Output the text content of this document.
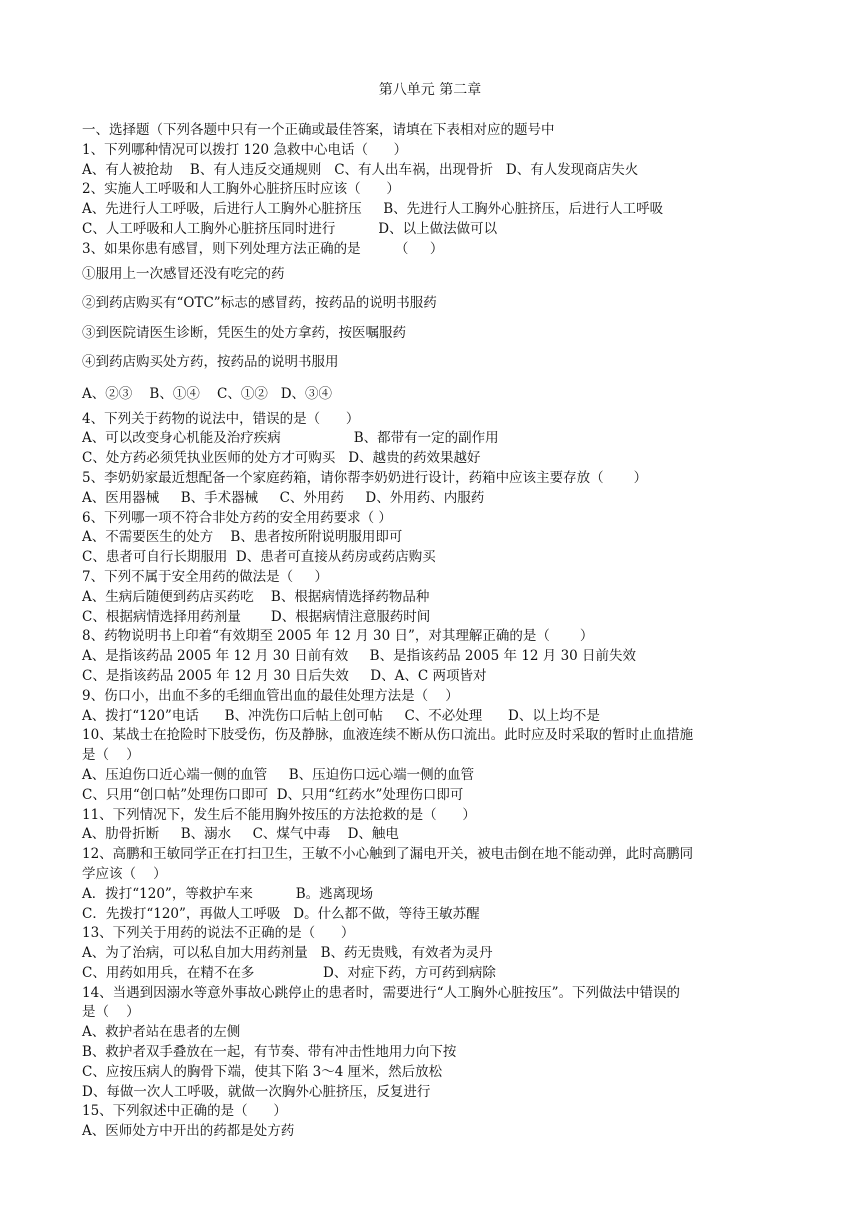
第八单元 第二章
一、选择题（下列各题中只有一个正确或最佳答案，请填在下表相对应的题号中
1、下列哪种情况可以拨打 120 急救中心电话（      ）
A、有人被抢劫    B、有人违反交通规则   C、有人出车祸，出现骨折   D、有人发现商店失火
2、实施人工呼吸和人工胸外心脏挤压时应该（      ）
A、先进行人工呼吸，后进行人工胸外心脏挤压     B、先进行人工胸外心脏挤压，后进行人工呼吸
C、人工呼吸和人工胸外心脏挤压同时进行          D、以上做法做可以
3、如果你患有感冒，则下列处理方法正确的是        （     ）
①服用上一次感冒还没有吃完的药
②到药店购买有“OTC”标志的感冒药，按药品的说明书服药
③到医院请医生诊断，凭医生的处方拿药，按医嘱服药
④到药店购买处方药，按药品的说明书服用
A、②③    B、①④    C、①②   D、③④
4、下列关于药物的说法中，错误的是（      ）
A、可以改变身心机能及治疗疾病                 B、都带有一定的副作用
C、处方药必须凭执业医师的处方才可购买   D、越贵的药效果越好
5、李奶奶家最近想配备一个家庭药箱，请你帮李奶奶进行设计，药箱中应该主要存放（       ）
A、医用器械     B、手术器械     C、外用药     D、外用药、内服药
6、下列哪一项不符合非处方药的安全用药要求（ ）
A、不需要医生的处方    B、患者按所附说明服用即可
C、患者可自行长期服用  D、患者可直接从药房或药店购买
7、下列不属于安全用药的做法是（     ）
A、生病后随便到药店买药吃    B、根据病情选择药物品种
C、根据病情选择用药剂量       D、根据病情注意服药时间
8、药物说明书上印着“有效期至 2005 年 12 月 30 日”，对其理解正确的是（       ）
A、是指该药品 2005 年 12 月 30 日前有效     B、是指该药品 2005 年 12 月 30 日前失效
C、是指该药品 2005 年 12 月 30 日后失效     D、A、C 两项皆对
9、伤口小，出血不多的毛细血管出血的最佳处理方法是（    ）
A、拨打“120”电话      B、冲洗伤口后帖上创可帖     C、不必处理      D、以上均不是
10、某战士在抢险时下肢受伤，伤及静脉，血液连续不断从伤口流出。此时应及时采取的暂时止血措施
是（    ）
A、压迫伤口近心端一侧的血管     B、压迫伤口远心端一侧的血管
C、只用“创口帖”处理伤口即可  D、只用“红药水”处理伤口即可
11、下列情况下，发生后不能用胸外按压的方法抢救的是（      ）
A、肋骨折断     B、溺水     C、煤气中毒    D、触电
12、高鹏和王敏同学正在打扫卫生，王敏不小心触到了漏电开关，被电击倒在地不能动弹，此时高鹏同
学应该（    ）
A．拨打“120”，等救护车来          B。逃离现场
C．先拨打“120”，再做人工呼吸   D。什么都不做，等待王敏苏醒
13、下列关于用药的说法不正确的是（      ）
A、为了治病，可以私自加大用药剂量   B、药无贵贱，有效者为灵丹
C、用药如用兵，在精不在多                D、对症下药，方可药到病除
14、当遇到因溺水等意外事故心跳停止的患者时，需要进行“人工胸外心脏按压”。下列做法中错误的
是（    ）
A、救护者站在患者的左侧
B、救护者双手叠放在一起，有节奏、带有冲击性地用力向下按
C、应按压病人的胸骨下端，使其下陷 3～4 厘米，然后放松
D、每做一次人工呼吸，就做一次胸外心脏挤压，反复进行
15、下列叙述中正确的是（      ）
A、医师处方中开出的药都是处方药
